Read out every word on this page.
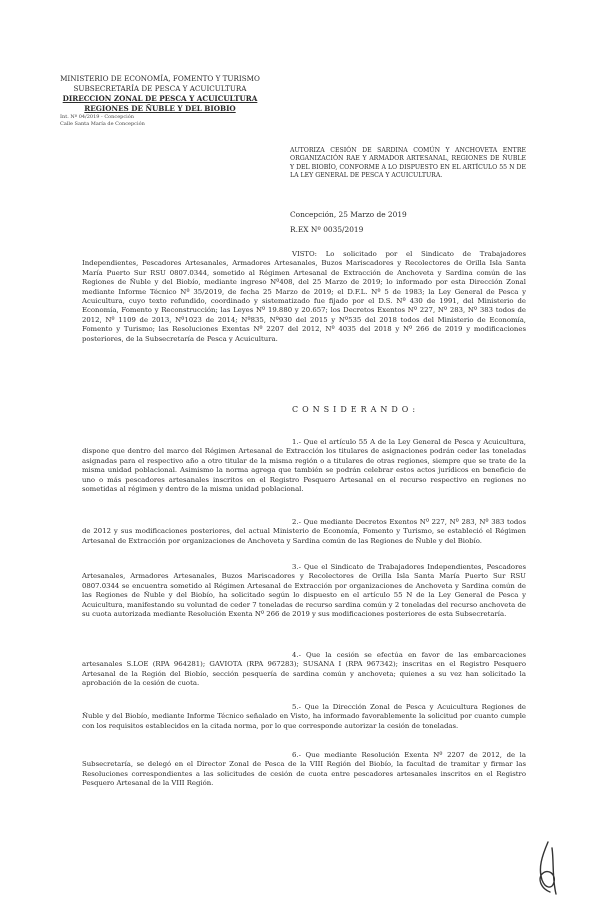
MINISTERIO DE ECONOMÍA, FOMENTO Y TURISMO
SUBSECRETARÍA DE PESCA Y ACUICULTURA
DIRECCION ZONAL DE PESCA Y ACUICULTURA
REGIONES DE ÑUBLE Y DEL BIOBIO
Int. Nº 04/2019 - Concepción
Calle Santa María de Concepción
AUTORIZA CESIÓN DE SARDINA COMÚN Y ANCHOVETA ENTRE ORGANIZACIÓN RAE Y ARMADOR ARTESANAL, REGIONES DE ÑUBLE Y DEL BIOBÍO, CONFORME A LO DISPUESTO EN EL ARTÍCULO 55 N DE LA LEY GENERAL DE PESCA Y ACUICULTURA.
Concepción, 25 Marzo de 2019
R.EX Nº 0035/2019
VISTO: Lo solicitado por el Sindicato de Trabajadores Independientes, Pescadores Artesanales, Armadores Artesanales, Buzos Mariscadores y Recolectores de Orilla Isla Santa María Puerto Sur RSU 0807.0344, sometido al Régimen Artesanal de Extracción de Anchoveta y Sardina común de las Regiones de Ñuble y del Biobío, mediante ingreso Nº408, del 25 Marzo de 2019; lo informado por esta Dirección Zonal mediante Informe Técnico Nº 35/2019, de fecha 25 Marzo de 2019; el D.F.L. Nº 5 de 1983; la Ley General de Pesca y Acuicultura, cuyo texto refundido, coordinado y sistematizado fue fijado por el D.S. Nº 430 de 1991, del Ministerio de Economía, Fomento y Reconstrucción; las Leyes Nº 19.880 y 20.657; los Decretos Exentos Nº 227, Nº 283, Nº 383 todos de 2012, Nº 1109 de 2013, Nº1023 de 2014; Nº835, Nº930 del 2015 y Nº535 del 2018 todos del Ministerio de Economía, Fomento y Turismo; las Resoluciones Exentas Nº 2207 del 2012, Nº 4035 del 2018 y Nº 266 de 2019 y modificaciones posteriores, de la Subsecretaría de Pesca y Acuicultura.
CONSIDERANDO:
1.- Que el artículo 55 A de la Ley General de Pesca y Acuicultura, dispone que dentro del marco del Régimen Artesanal de Extracción los titulares de asignaciones podrán ceder las toneladas asignadas para el respectivo año a otro titular de la misma región o a titulares de otras regiones, siempre que se trate de la misma unidad poblacional. Asimismo la norma agrega que también se podrán celebrar estos actos jurídicos en beneficio de uno o más pescadores artesanales inscritos en el Registro Pesquero Artesanal en el recurso respectivo en regiones no sometidas al régimen y dentro de la misma unidad poblacional.
2.- Que mediante Decretos Exentos Nº 227, Nº 283, Nº 383 todos de 2012 y sus modificaciones posteriores, del actual Ministerio de Economía, Fomento y Turismo, se estableció el Régimen Artesanal de Extracción por organizaciones de Anchoveta y Sardina común de las Regiones de Ñuble y del Biobío.
3.- Que el Sindicato de Trabajadores Independientes, Pescadores Artesanales, Armadores Artesanales, Buzos Mariscadores y Recolectores de Orilla Isla Santa María Puerto Sur RSU 0807.0344 se encuentra sometido al Régimen Artesanal de Extracción por organizaciones de Anchoveta y Sardina común de las Regiones de Ñuble y del Biobío, ha solicitado según lo dispuesto en el artículo 55 N de la Ley General de Pesca y Acuicultura, manifestando su voluntad de ceder 7 toneladas de recurso sardina común y 2 toneladas del recurso anchoveta de su cuota autorizada mediante Resolución Exenta Nº 266 de 2019 y sus modificaciones posteriores de esta Subsecretaría.
4.- Que la cesión se efectúa en favor de las embarcaciones artesanales S.LOE (RPA 964281); GAVIOTA (RPA 967283); SUSANA I (RPA 967342); inscritas en el Registro Pesquero Artesanal de la Región del Biobío, sección pesquería de sardina común y anchoveta; quienes a su vez han solicitado la aprobación de la cesión de cuota.
5.- Que la Dirección Zonal de Pesca y Acuicultura Regiones de Ñuble y del Biobío, mediante Informe Técnico señalado en Visto, ha informado favorablemente la solicitud por cuanto cumple con los requisitos establecidos en la citada norma, por lo que corresponde autorizar la cesión de toneladas.
6.- Que mediante Resolución Exenta Nº 2207 de 2012, de la Subsecretaría, se delegó en el Director Zonal de Pesca de la VIII Región del Biobío, la facultad de tramitar y firmar las Resoluciones correspondientes a las solicitudes de cesión de cuota entre pescadores artesanales inscritos en el Registro Pesquero Artesanal de la VIII Región.
